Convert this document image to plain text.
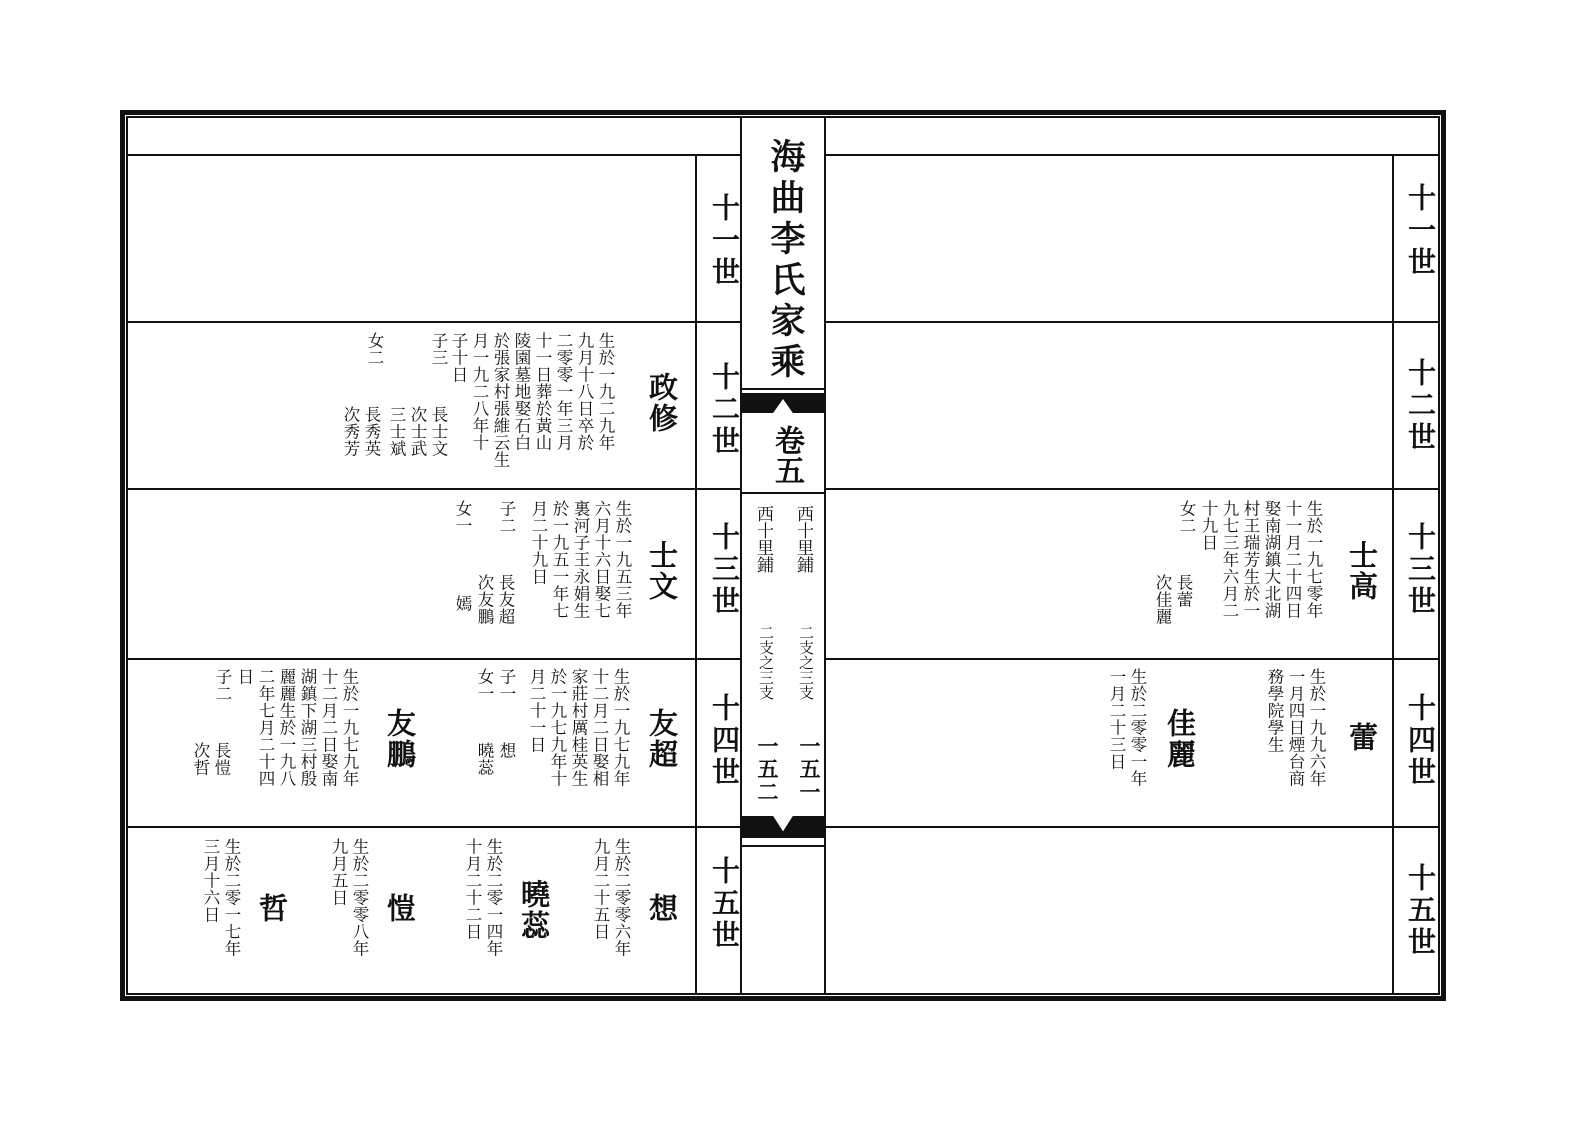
海曲李氏家乘
卷五
西十里鋪
西十里鋪
二支之三支
二支之三支
一五一
一五二
十一世
十二世
十三世
十四世
十五世
十一世
十二世
十三世
十四世
十五世
政修
生於一九二九年
九月十八日卒於
二零零一年三月
十一日葬於黃山
陵園墓地娶石白
於張家村張維云生
月一九二八年十
子十日
子三
長士文
次士武
三士斌
女二
長秀英
次秀芳
士文
生於一九五三年
六月十六日娶七
裏河子王永娟生
於一九五一年七
月二十九日
子二
長友超
次友鵬
女一
嫣
友超
生於一九七九年
十二月二日娶相
家莊村厲桂英生
於一九七九年十
月二十一日
子一
想
女一
曉蕊
友鵬
生於一九七九年
十二月二日娶南
湖鎮下湖三村殷
麗麗生於一九八
二年七月二十四
日
子二
長愷
次哲
想
生於二零零六年
九月二十五日
曉蕊
生於二零一四年
十月二十二日
愷
生於二零零八年
九月五日
哲
生於二零一七年
三月十六日
士高
生於一九七零年
十一月二十四日
娶南湖鎮大北湖
村王瑞芳生於一
九七三年六月二
十九日
女二
長蕾
次佳麗
蕾
生於一九九六年
一月四日煙台商
務學院學生
佳麗
生於二零零一年
一月二十三日
